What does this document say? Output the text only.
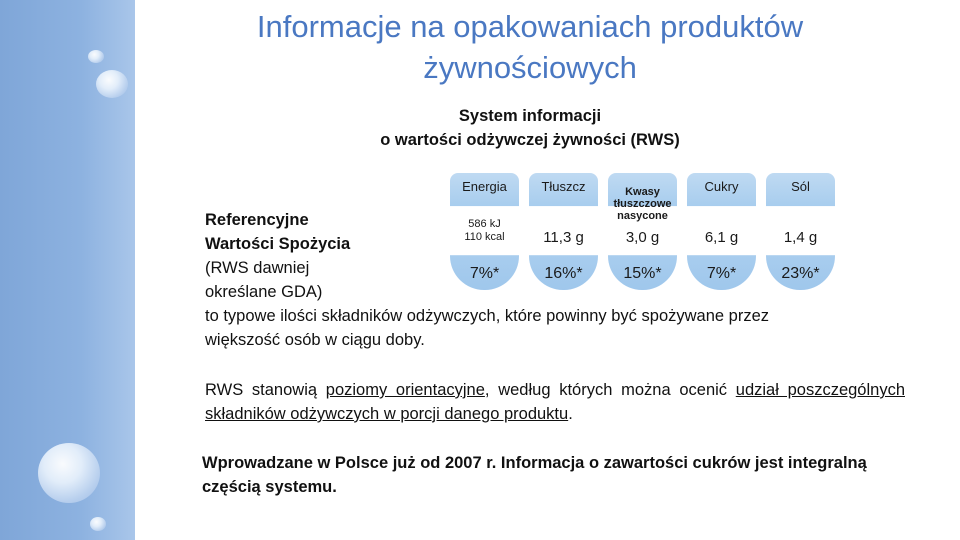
Informacje na opakowaniach produktów żywnościowych
System informacji
o wartości odżywczej żywności (RWS)
Energia
586 kJ
110 kcal
7%*
Tłuszcz
11,3 g
16%*
Kwasy
tłuszczowe
nasycone
3,0 g
15%*
Cukry
6,1 g
7%*
Sól
1,4 g
23%*
Referencyjne
Wartości Spożycia
(RWS dawniej
określane GDA)
to typowe ilości składników odżywczych, które powinny być spożywane przez
większość osób w ciągu doby.
RWS stanowią poziomy orientacyjne, według których można ocenić udział poszczególnych składników odżywczych w porcji danego produktu.
Wprowadzane w Polsce już od 2007 r. Informacja o zawartości cukrów jest integralną częścią systemu.
